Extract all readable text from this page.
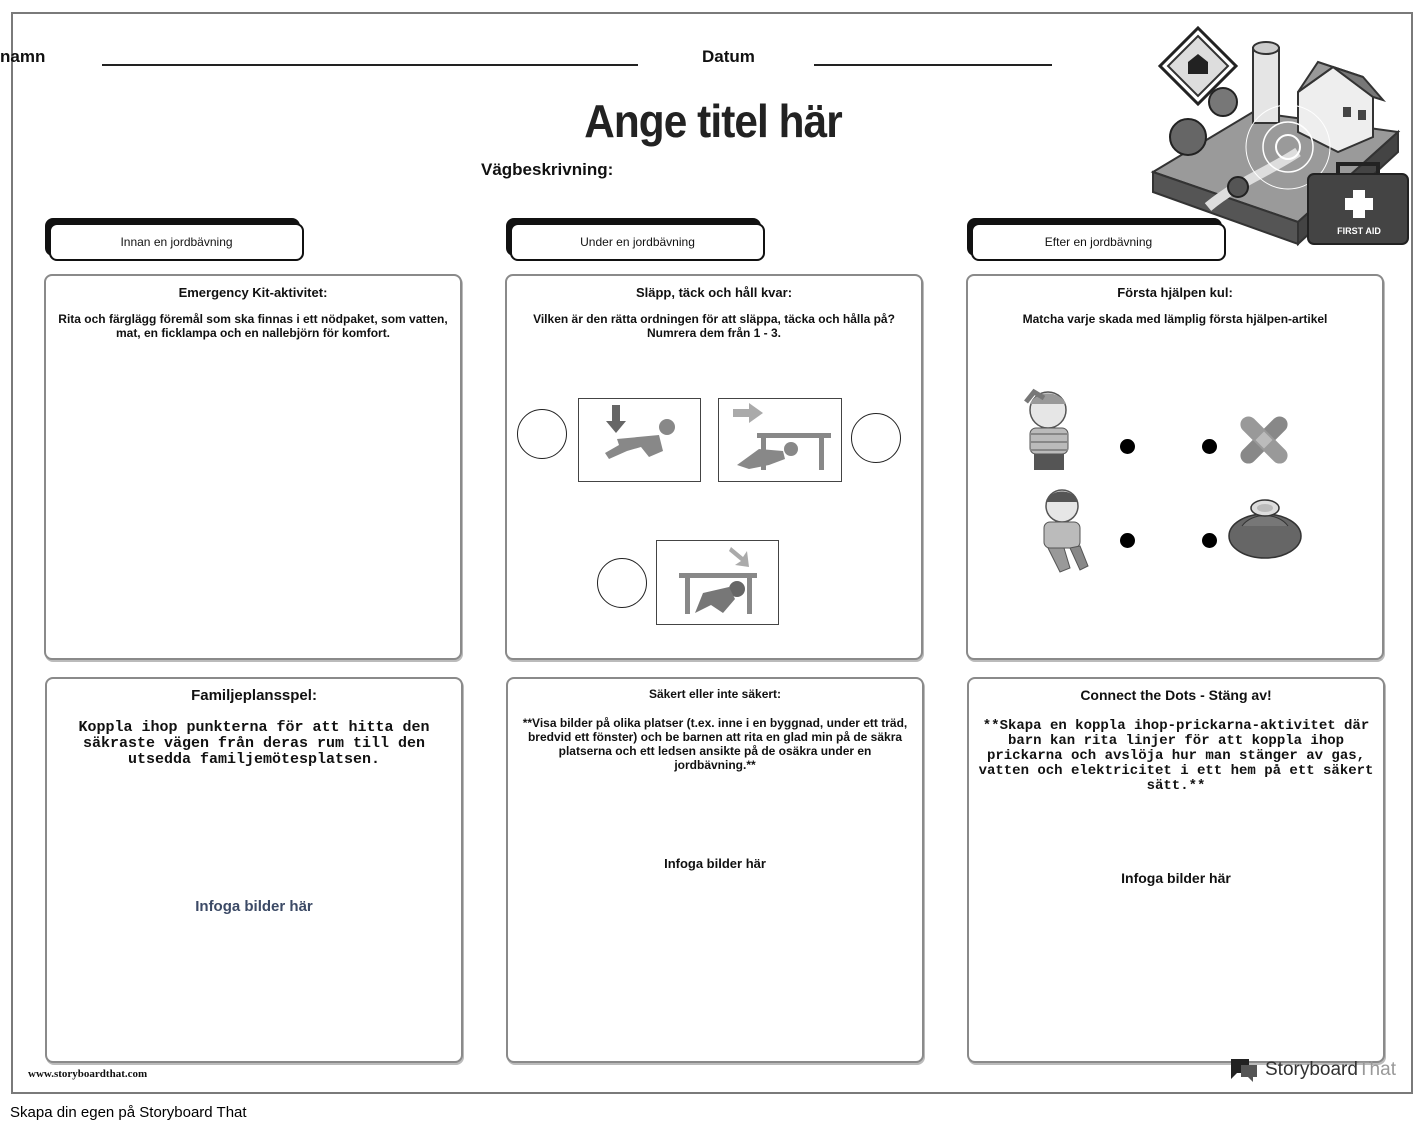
namn	Datum
Ange titel här
Vägbeskrivning:
FIRST AID
Innan en jordbävning	Under en jordbävning	Efter en jordbävning
Emergency Kit-aktivitet:
Rita och färglägg föremål som ska finnas i ett nödpaket, som vatten, mat, en ficklampa och en nallebjörn för komfort.
Släpp, täck och håll kvar:
Vilken är den rätta ordningen för att släppa, täcka och hålla på? Numrera dem från 1 - 3.
Första hjälpen kul:
Matcha varje skada med lämplig första hjälpen-artikel
Familjeplansspel:
Koppla ihop punkterna för att hitta den säkraste vägen från deras rum till den utsedda familjemötesplatsen.
Infoga bilder här
Säkert eller inte säkert:
**Visa bilder på olika platser (t.ex. inne i en byggnad, under ett träd, bredvid ett fönster) och be barnen att rita en glad min på de säkra platserna och ett ledsen ansikte på de osäkra under en jordbävning.**
Infoga bilder här
Connect the Dots - Stäng av!
**Skapa en koppla ihop-prickarna-aktivitet där barn kan rita linjer för att koppla ihop prickarna och avslöja hur man stänger av gas, vatten och elektricitet i ett hem på ett säkert sätt.**
Infoga bilder här
www.storyboardthat.com	StoryboardThat
Skapa din egen på Storyboard That
